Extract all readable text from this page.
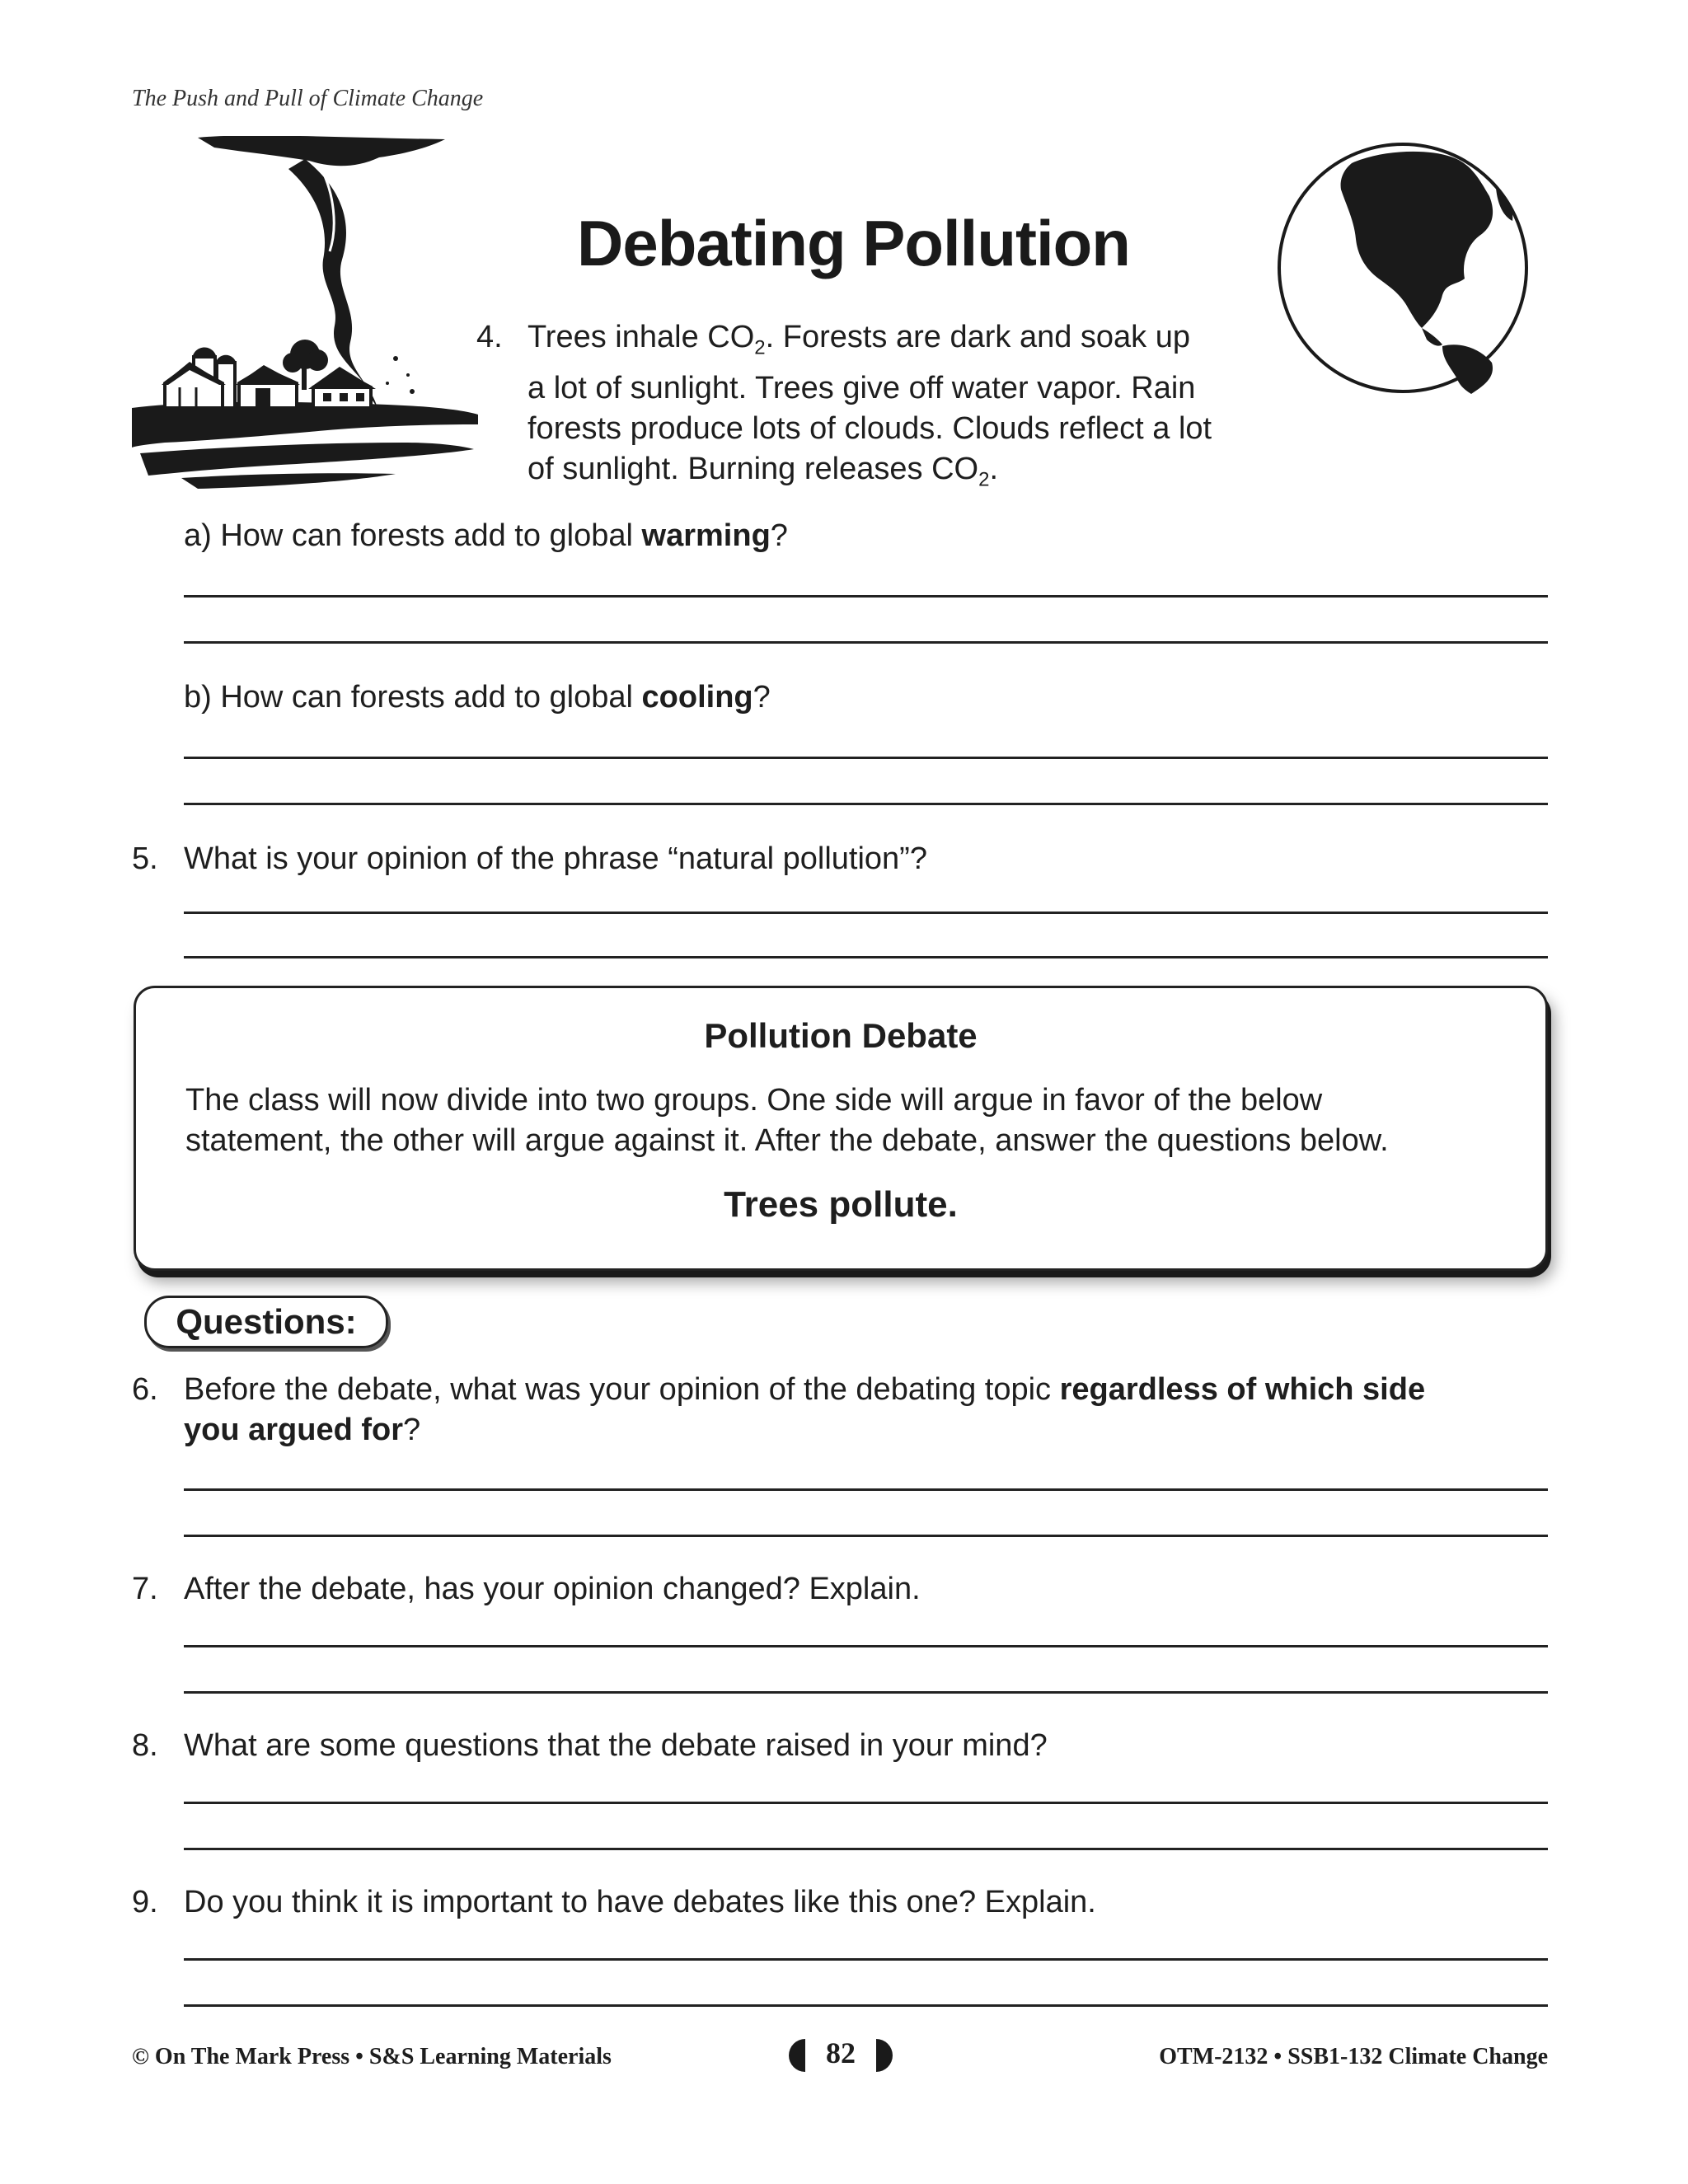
The Push and Pull of Climate Change
Debating Pollution
4. Trees inhale $CO_2$. Forests are dark and soak up
a lot of sunlight. Trees give off water vapor. Rain
forests produce lots of clouds. Clouds reflect a lot
of sunlight. Burning releases $CO_2$.
a) How can forests add to global warming?
b) How can forests add to global cooling?
5. What is your opinion of the phrase “natural pollution”?
Pollution Debate
The class will now divide into two groups. One side will argue in favor of the below
statement, the other will argue against it. After the debate, answer the questions below.
Trees pollute.
Questions:
6. Before the debate, what was your opinion of the debating topic regardless of which side
you argued for?
7. After the debate, has your opinion changed? Explain.
8. What are some questions that the debate raised in your mind?
9. Do you think it is important to have debates like this one? Explain.
© On The Mark Press • S&S Learning Materials	82	OTM-2132 • SSB1-132 Climate Change
